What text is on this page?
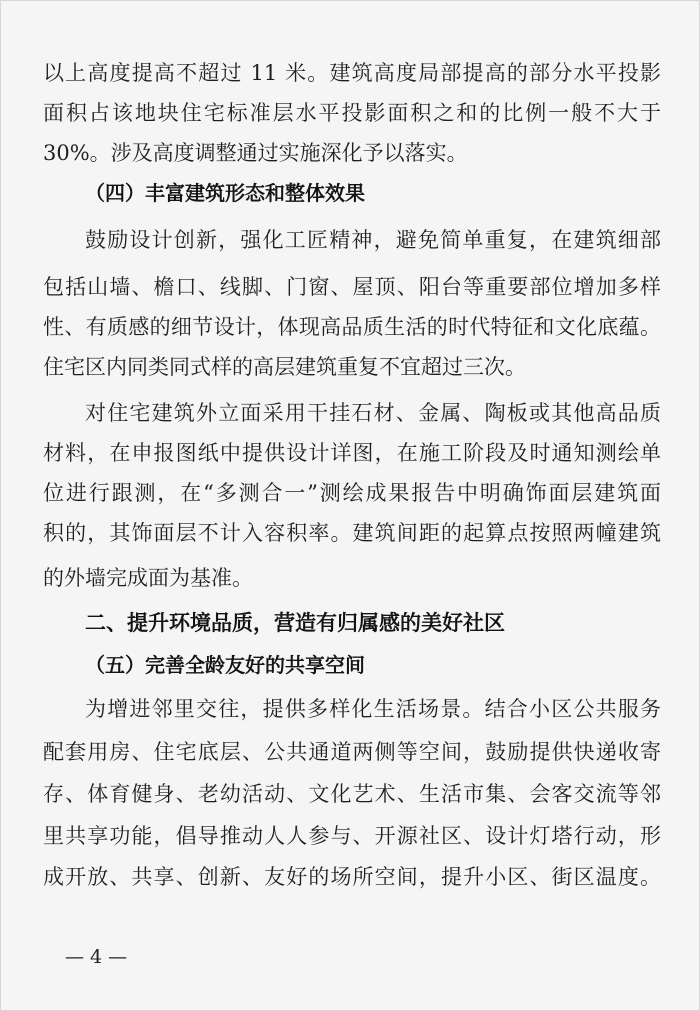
以上高度提高不超过 11 米。建筑高度局部提高的部分水平投影
面积占该地块住宅标准层水平投影面积之和的比例一般不大于
30%。涉及高度调整通过实施深化予以落实。
（四）丰富建筑形态和整体效果
鼓励设计创新，强化工匠精神，避免简单重复，在建筑细部
包括山墙、檐口、线脚、门窗、屋顶、阳台等重要部位增加多样
性、有质感的细节设计，体现高品质生活的时代特征和文化底蕴。
住宅区内同类同式样的高层建筑重复不宜超过三次。
对住宅建筑外立面采用干挂石材、金属、陶板或其他高品质
材料，在申报图纸中提供设计详图，在施工阶段及时通知测绘单
位进行跟测，在“多测合一”测绘成果报告中明确饰面层建筑面
积的，其饰面层不计入容积率。建筑间距的起算点按照两幢建筑
的外墙完成面为基准。
二、提升环境品质，营造有归属感的美好社区
（五）完善全龄友好的共享空间
为增进邻里交往，提供多样化生活场景。结合小区公共服务
配套用房、住宅底层、公共通道两侧等空间，鼓励提供快递收寄
存、体育健身、老幼活动、文化艺术、生活市集、会客交流等邻
里共享功能，倡导推动人人参与、开源社区、设计灯塔行动，形
成开放、共享、创新、友好的场所空间，提升小区、街区温度。
— 4 —
